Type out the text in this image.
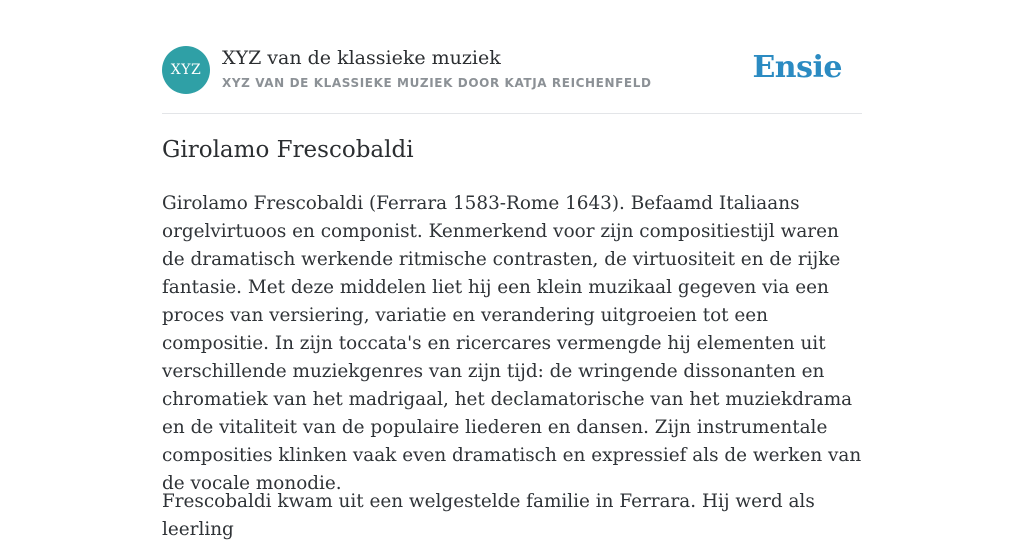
XYZ
XYZ van de klassieke muziek
XYZ VAN DE KLASSIEKE MUZIEK DOOR KATJA REICHENFELD	Ensie
Girolamo Frescobaldi

Girolamo Frescobaldi (Ferrara 1583-Rome 1643). Befaamd Italiaans orgelvirtuoos en componist. Kenmerkend voor zijn compositiestijl waren de dramatisch werkende ritmische contrasten, de virtuositeit en de rijke fantasie. Met deze middelen liet hij een klein muzikaal gegeven via een proces van versiering, variatie en verandering uitgroeien tot een compositie. In zijn toccata's en ricercares vermengde hij elementen uit verschillende muziekgenres van zijn tijd: de wringende dissonanten en chromatiek van het madrigaal, het declamatorische van het muziekdrama en de vitaliteit van de populaire liederen en dansen. Zijn instrumentale composities klinken vaak even dramatisch en expressief als de werken van de vocale monodie.

Frescobaldi kwam uit een welgestelde familie in Ferrara. Hij werd als leerling
